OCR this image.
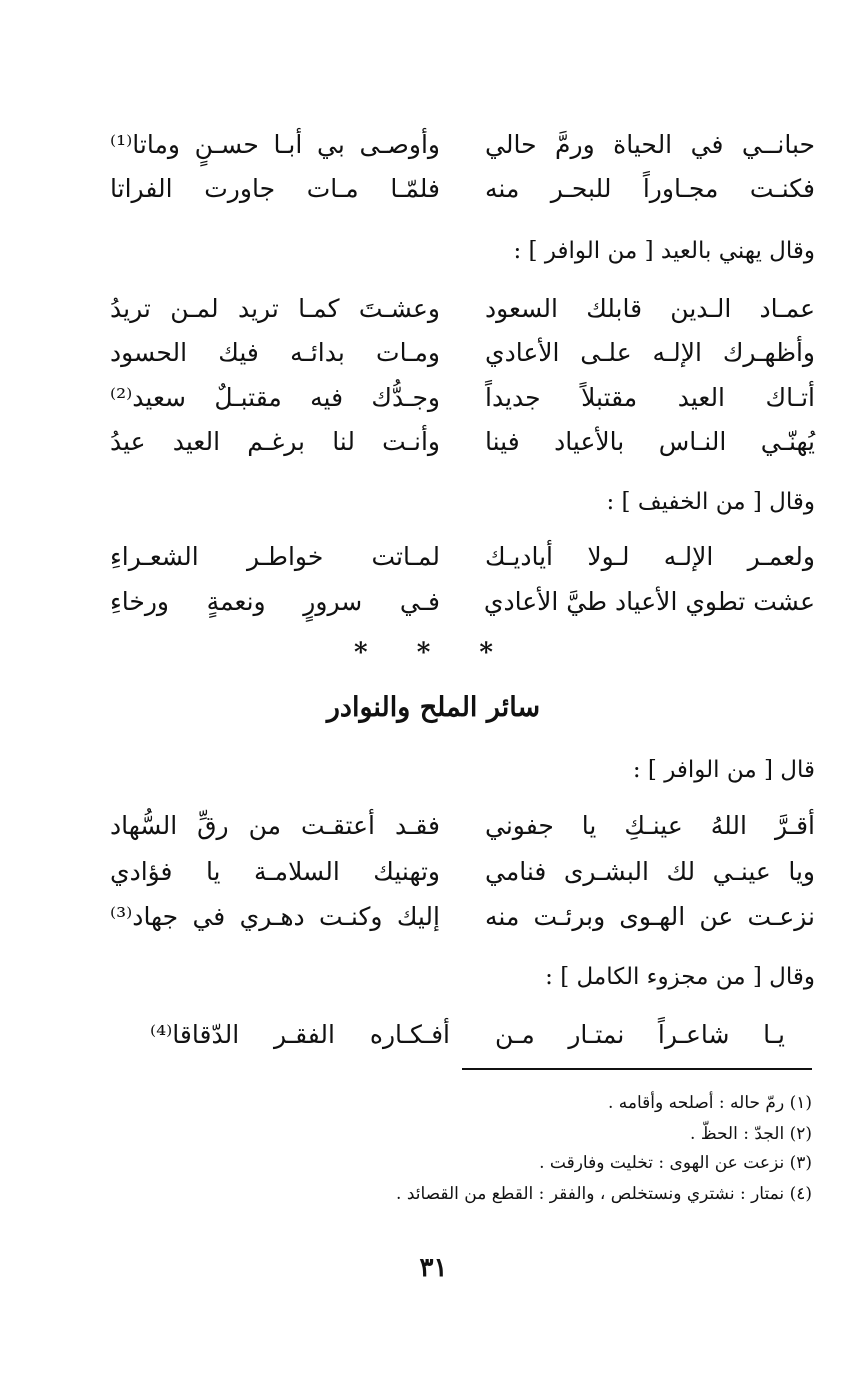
حبانــي في الحياة ورمَّ حالي
وأوصـى بي أبـا حسـنٍ وماتا⁽¹⁾
فكنـت مجـاوراً للبحـر منه
فلمّـا مـات جاورت الفراتا
وقال يهني بالعيد [ من الوافر ] :
عمـاد الـدين قابلك السعود
وعشـتَ كمـا تريد لمـن تريدُ
وأظهـرك الإلـه علـى الأعادي
ومـات بدائـه فيك الحسود
أتـاك العيد مقتبلاً جديداً
وجـدُّك فيه مقتبـلٌ سعيد⁽²⁾
يُهنّـي النـاس بالأعياد فينا
وأنـت لنا برغـم العيد عيدُ
وقال [ من الخفيف ] :
ولعمـر الإلـه لـولا أياديـك
لمـاتت خواطـر الشعـراءِ
عشت تطوي الأعياد طيَّ الأعادي
فـي سرورٍ ونعمةٍ ورخاءِ
* * *
سائر الملح والنوادر
قال [ من الوافر ] :
أقـرَّ اللهُ عينـكِ يا جفوني
فقـد أعتقـت من رقِّ السُّهاد
ويا عينـي لك البشـرى فنامي
وتهنيك السلامـة يا فؤادي
نزعـت عن الهـوى وبرئـت منه
إليك وكنـت دهـري في جهاد⁽³⁾
وقال [ من مجزوء الكامل ] :
يـا شاعـراً نمتـار مـن
أفـكـاره الفقـر الدّقاقا⁽⁴⁾
(١) رمّ حاله : أصلحه وأقامه .
(٢) الجدّ : الحظّ .
(٣) نزعت عن الهوى : تخليت وفارقت .
(٤) نمتار : نشتري ونستخلص ، والفقر : القطع من القصائد .
٣١
